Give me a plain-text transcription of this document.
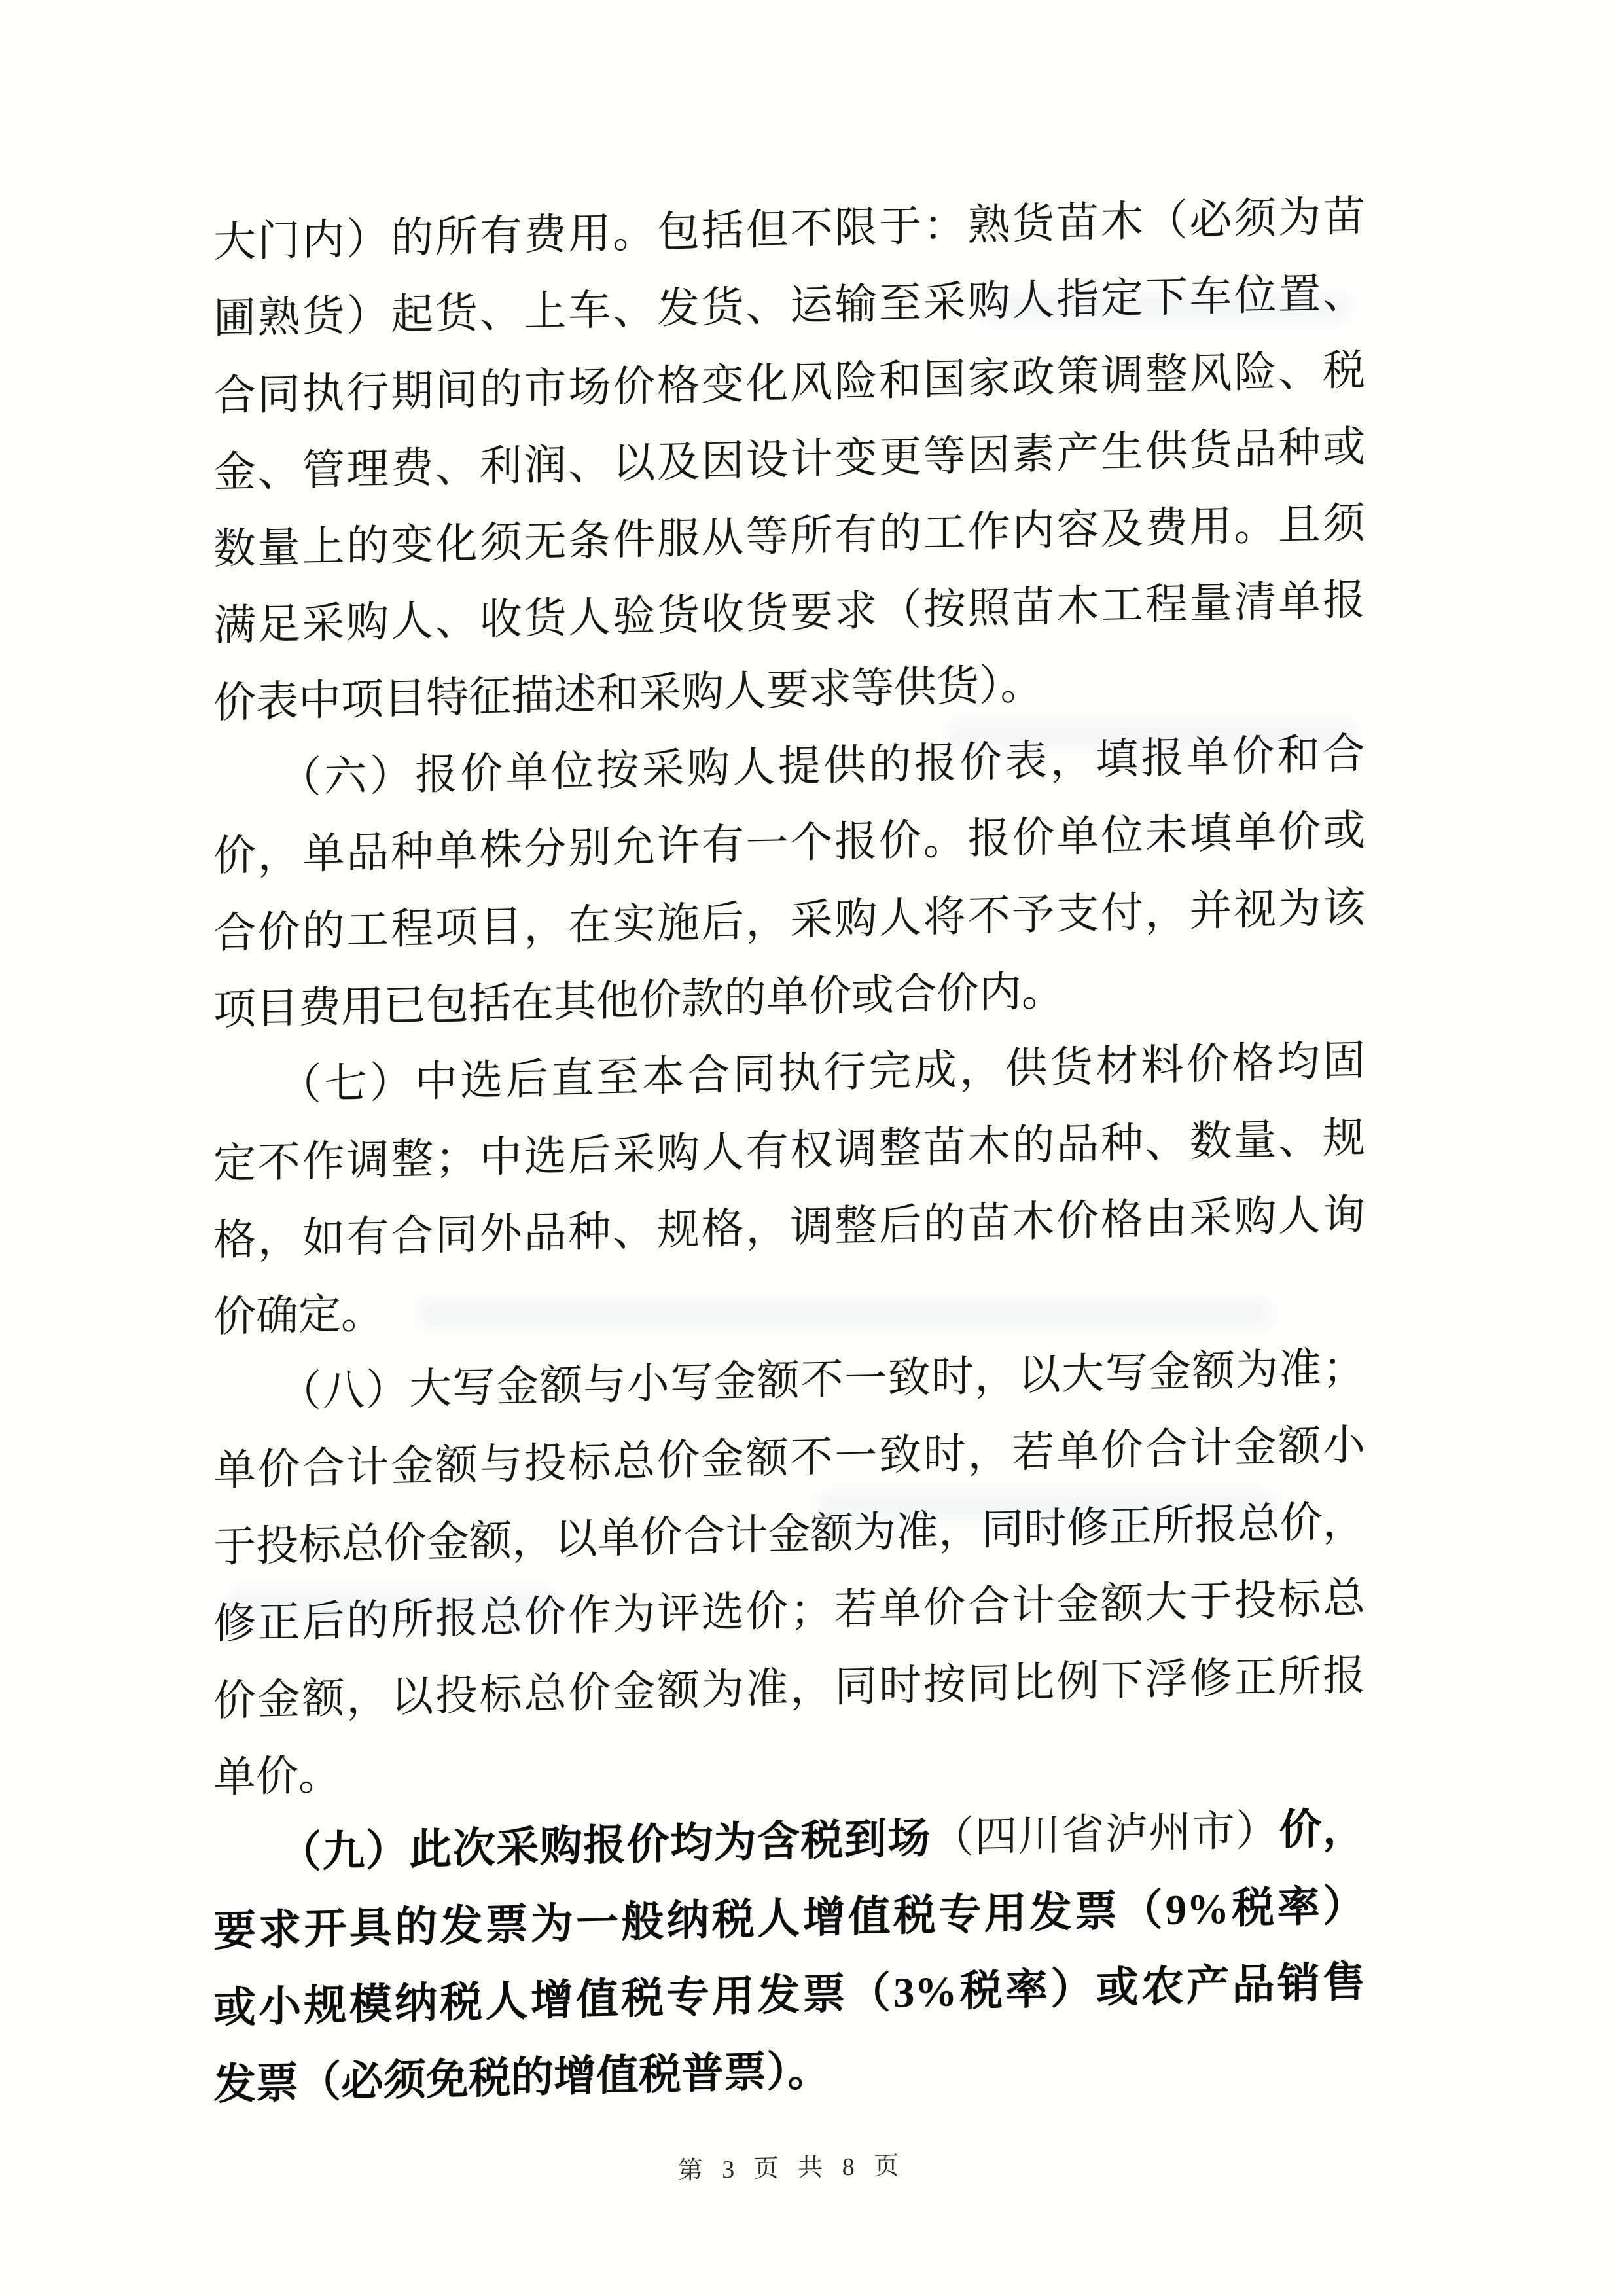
大门内）的所有费用。包括但不限于：熟货苗木（必须为苗
圃熟货）起货、上车、发货、运输至采购人指定下车位置、
合同执行期间的市场价格变化风险和国家政策调整风险、税
金、管理费、利润、以及因设计变更等因素产生供货品种或
数量上的变化须无条件服从等所有的工作内容及费用。且须
满足采购人、收货人验货收货要求（按照苗木工程量清单报
价表中项目特征描述和采购人要求等供货）。
（六）报价单位按采购人提供的报价表，填报单价和合
价，单品种单株分别允许有一个报价。报价单位未填单价或
合价的工程项目，在实施后，采购人将不予支付，并视为该
项目费用已包括在其他价款的单价或合价内。
（七）中选后直至本合同执行完成，供货材料价格均固
定不作调整；中选后采购人有权调整苗木的品种、数量、规
格，如有合同外品种、规格，调整后的苗木价格由采购人询
价确定。
（八）大写金额与小写金额不一致时，以大写金额为准；
单价合计金额与投标总价金额不一致时，若单价合计金额小
于投标总价金额，以单价合计金额为准，同时修正所报总价，
修正后的所报总价作为评选价；若单价合计金额大于投标总
价金额，以投标总价金额为准，同时按同比例下浮修正所报
单价。
（九）此次采购报价均为含税到场（四川省泸州市）价，
要求开具的发票为一般纳税人增值税专用发票（9%税率）
或小规模纳税人增值税专用发票（3%税率）或农产品销售
发票（必须免税的增值税普票）。
第 3 页 共 8 页
